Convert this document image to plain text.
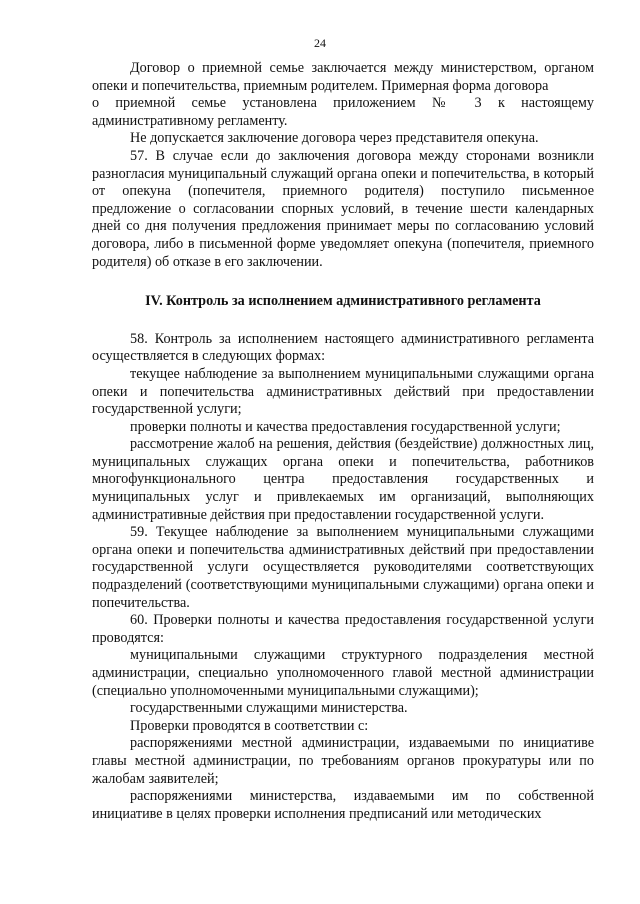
24

Договор о приемной семье заключается между министерством, органом опеки и попечительства, приемным родителем. Примерная форма договора

о приемной семье установлена приложением № 3 к настоящему административному регламенту.

Не допускается заключение договора через представителя опекуна.

57. В случае если до заключения договора между сторонами возникли разногласия муниципальный служащий органа опеки и попечительства, в который от опекуна (попечителя, приемного родителя) поступило письменное предложение о согласовании спорных условий, в течение шести календарных дней со дня получения предложения принимает меры по согласованию условий договора, либо в письменной форме уведомляет опекуна (попечителя, приемного родителя) об отказе в его заключении.

IV. Контроль за исполнением административного регламента

58. Контроль за исполнением настоящего административного регламента осуществляется в следующих формах:

текущее наблюдение за выполнением муниципальными служащими органа опеки и попечительства административных действий при предоставлении государственной услуги;

проверки полноты и качества предоставления государственной услуги;

рассмотрение жалоб на решения, действия (бездействие) должностных лиц, муниципальных служащих органа опеки и попечительства, работников многофункционального центра предоставления государственных и муниципальных услуг и привлекаемых им организаций, выполняющих административные действия при предоставлении государственной услуги.

59. Текущее наблюдение за выполнением муниципальными служащими органа опеки и попечительства административных действий при предоставлении государственной услуги осуществляется руководителями соответствующих подразделений (соответствующими муниципальными служащими) органа опеки и попечительства.

60. Проверки полноты и качества предоставления государственной услуги проводятся:

муниципальными служащими структурного подразделения местной администрации, специально уполномоченного главой местной администрации (специально уполномоченными муниципальными служащими);

государственными служащими министерства.

Проверки проводятся в соответствии с:

распоряжениями местной администрации, издаваемыми по инициативе главы местной администрации, по требованиям органов прокуратуры или по жалобам заявителей;

распоряжениями министерства, издаваемыми им по собственной инициативе в целях проверки исполнения предписаний или методических
